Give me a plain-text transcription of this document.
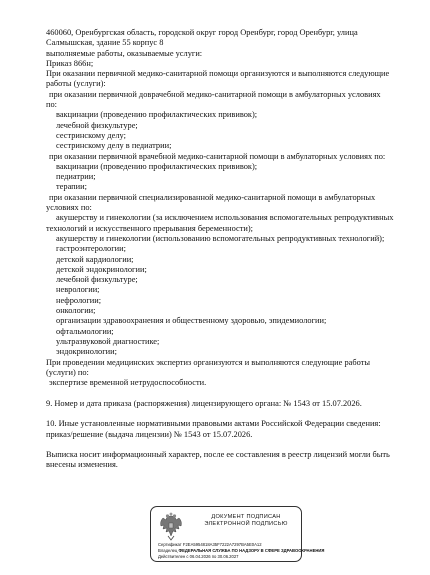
460060, Оренбургская область, городской округ город Оренбург, город Оренбург, улица
Салмышская, здание 55 корпус 8
выполняемые работы, оказываемые услуги:
Приказ 866н;
При оказании первичной медико-санитарной помощи организуются и выполняются следующие
работы (услуги):
при оказании первичной доврачебной медико-санитарной помощи в амбулаторных условиях
по:
вакцинации (проведению профилактических прививок);
лечебной физкультуре;
сестринскому делу;
сестринскому делу в педиатрии;
при оказании первичной врачебной медико-санитарной помощи в амбулаторных условиях по:
вакцинации (проведению профилактических прививок);
педиатрии;
терапии;
при оказании первичной специализированной медико-санитарной помощи в амбулаторных
условиях по:
акушерству и гинекологии (за исключением использования вспомогательных репродуктивных
технологий и искусственного прерывания беременности);
акушерству и гинекологии (использованию вспомогательных репродуктивных технологий);
гастроэнтерологии;
детской кардиологии;
детской эндокринологии;
лечебной физкультуре;
неврологии;
нефрологии;
онкологии;
организации здравоохранения и общественному здоровью, эпидемиологии;
офтальмологии;
ультразвуковой диагностике;
эндокринологии;
При проведении медицинских экспертиз организуются и выполняются следующие работы
(услуги) по:
экспертизе временной нетрудоспособности.
9. Номер и дата приказа (распоряжения) лицензирующего органа: № 1543 от 15.07.2026.
10. Иные установленные нормативными правовыми актами Российской Федерации сведения:
приказ/решение (выдача лицензии) № 1543 от 15.07.2026.
Выписка носит информационный характер, после ее составления в реестр лицензий могли быть
внесены изменения.
ДОКУМЕНТ ПОДПИСАН
ЭЛЕКТРОННОЙ ПОДПИСЬЮ
Сертификат F2EA5954818A35F7222A7297BA5E0A12
Владелец ФЕДЕРАЛЬНАЯ СЛУЖБА ПО НАДЗОРУ В СФЕРЕ ЗДРАВООХРАНЕНИЯ
Действителен с 06.04.2026 по 30.06.2027
